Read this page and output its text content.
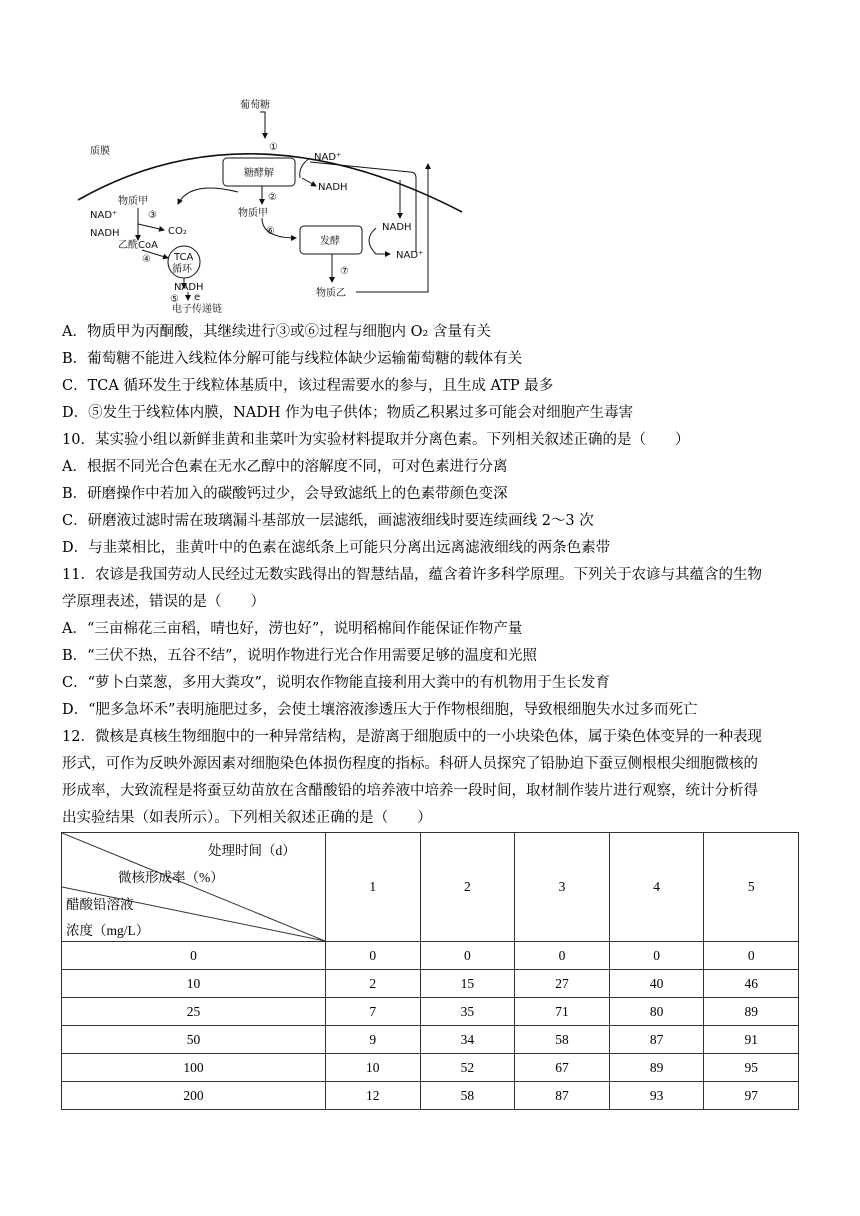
质膜
葡萄糖
①
糖酵解
NAD⁺
NADH
②
物质甲
物质甲
NAD⁺	③
CO₂
NADH
乙酰CoA
④ TCA
循环
NADH
e
⑤
电子传递链
⑥
发酵
NADH
NAD⁺
⑦
物质乙
A．物质甲为丙酮酸，其继续进行③或⑥过程与细胞内 O₂ 含量有关
B．葡萄糖不能进入线粒体分解可能与线粒体缺少运输葡萄糖的载体有关
C．TCA 循环发生于线粒体基质中，该过程需要水的参与，且生成 ATP 最多
D．⑤发生于线粒体内膜，NADH 作为电子供体；物质乙积累过多可能会对细胞产生毒害
10．某实验小组以新鲜韭黄和韭菜叶为实验材料提取并分离色素。下列相关叙述正确的是（　　）
A．根据不同光合色素在无水乙醇中的溶解度不同，可对色素进行分离
B．研磨操作中若加入的碳酸钙过少，会导致滤纸上的色素带颜色变深
C．研磨液过滤时需在玻璃漏斗基部放一层滤纸，画滤液细线时要连续画线 2～3 次
D．与韭菜相比，韭黄叶中的色素在滤纸条上可能只分离出远离滤液细线的两条色素带
11．农谚是我国劳动人民经过无数实践得出的智慧结晶，蕴含着许多科学原理。下列关于农谚与其蕴含的生物
学原理表述，错误的是（　　）
A．“三亩棉花三亩稻，晴也好，涝也好”，说明稻棉间作能保证作物产量
B．“三伏不热，五谷不结”，说明作物进行光合作用需要足够的温度和光照
C．“萝卜白菜葱，多用大粪攻”，说明农作物能直接利用大粪中的有机物用于生长发育
D．“肥多急坏禾”表明施肥过多，会使土壤溶液渗透压大于作物根细胞，导致根细胞失水过多而死亡
12．微核是真核生物细胞中的一种异常结构，是游离于细胞质中的一小块染色体，属于染色体变异的一种表现
形式，可作为反映外源因素对细胞染色体损伤程度的指标。科研人员探究了铅胁迫下蚕豆侧根根尖细胞微核的
形成率，大致流程是将蚕豆幼苗放在含醋酸铅的培养液中培养一段时间，取材制作装片进行观察，统计分析得
出实验结果（如表所示）。下列相关叙述正确的是（　　）
处理时间（d）
微核形成率（%）
醋酸铅溶液
浓度（mg/L）	1	2	3	4	5
0	0	0	0	0	0
10	2	15	27	40	46
25	7	35	71	80	89
50	9	34	58	87	91
100	10	52	67	89	95
200	12	58	87	93	97
